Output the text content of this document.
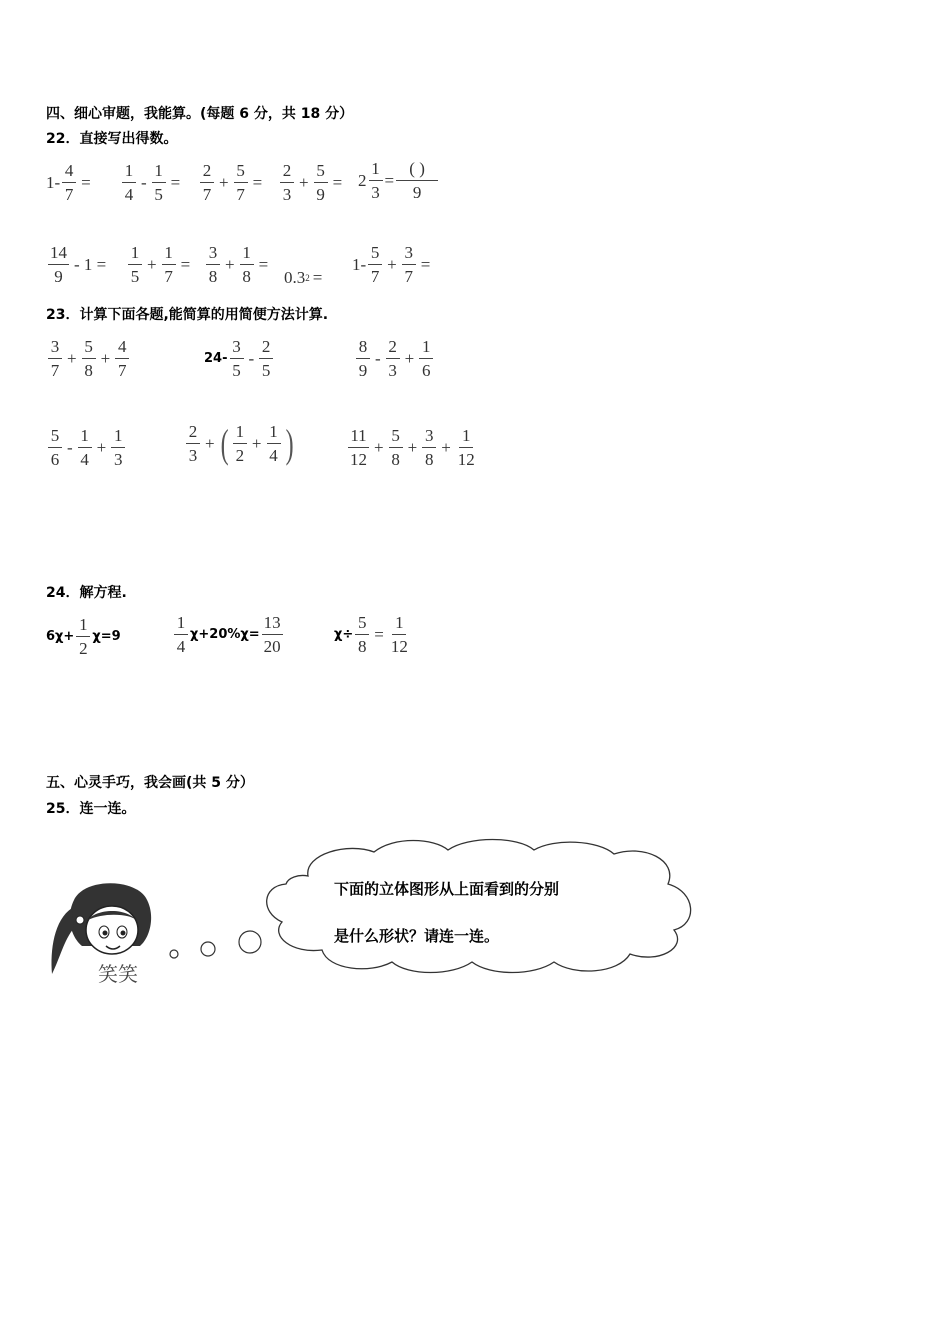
四、细心审题，我能算。(每题 6 分，共 18 分）
22．直接写出得数。
$1- \frac{4}{7} = \frac{1}{4} - \frac{1}{5} = \frac{2}{7} + \frac{5}{7} = \frac{2}{3} + \frac{5}{9} = 2 \frac{1}{3} = \frac{( )}{9}$
$\frac{14}{9} - 1 = \frac{1}{5} + \frac{1}{7} = \frac{3}{8} + \frac{1}{8}$ =
0.3 2 =
$1- \frac{5}{7} + \frac{3}{7}$ =
23．计算下面各题,能简算的用简便方法计算.
$\frac{3}{7} + \frac{5}{8} + \frac{4}{7}$	$24- \frac{3}{5} - \frac{2}{5}$	$\frac{8}{9} - \frac{2}{3} + \frac{1}{6}$
$\frac{5}{6} - \frac{1}{4} + \frac{1}{3}$	$\frac{2}{3}$ + ( $\frac{1}{2} + \frac{1}{4}$ )	$\frac{11}{12} + \frac{5}{8} + \frac{3}{8} + \frac{1}{12}$
24．解方程.
$6\chi+ \frac{1}{2} \chi=9$	$\frac{1}{4} \chi+20\%\chi= \frac{13}{20}$	$\chi\div \frac{5}{8} = \frac{1}{12}$
五、心灵手巧，我会画(共 5 分）
25．连一连。
笑笑
下面的立体图形从上面看到的分别
是什么形状？请连一连。
